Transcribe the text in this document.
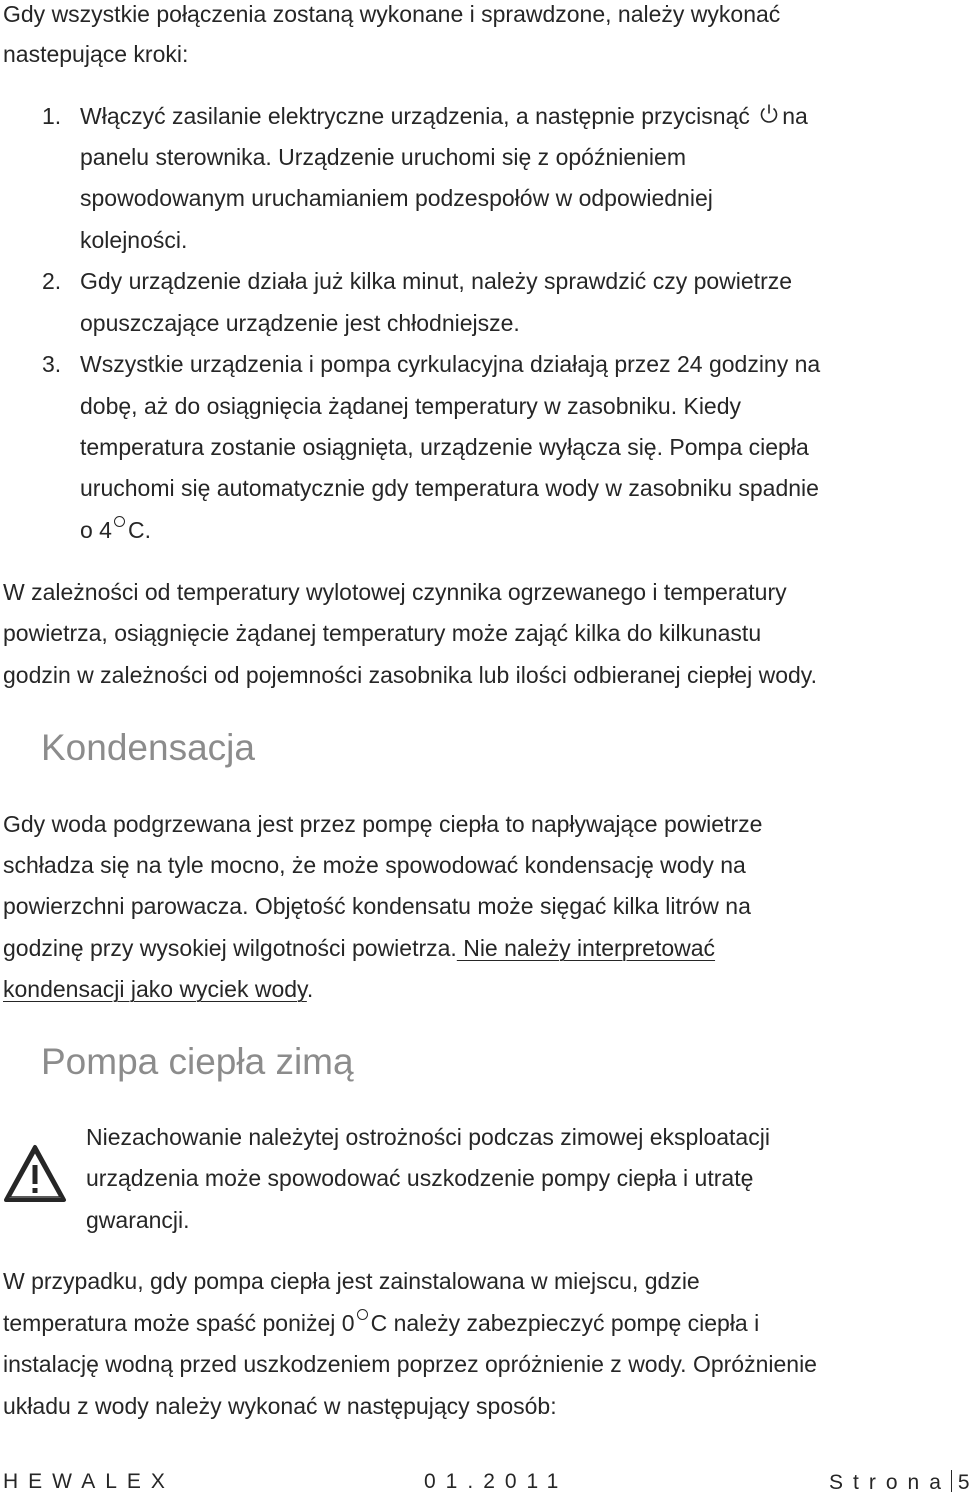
Gdy wszystkie połączenia zostaną wykonane i sprawdzone, należy wykonać
nastepujące kroki:
1. Włączyć zasilanie elektryczne urządzenia, a następnie przycisnąć na
panelu sterownika. Urządzenie uruchomi się z opóźnieniem
spowodowanym uruchamianiem podzespołów w odpowiedniej
kolejności.
2. Gdy urządzenie działa już kilka minut, należy sprawdzić czy powietrze
opuszczające urządzenie jest chłodniejsze.
3. Wszystkie urządzenia i pompa cyrkulacyjna działają przez 24 godziny na
dobę, aż do osiągnięcia żądanej temperatury w zasobniku. Kiedy
temperatura zostanie osiągnięta, urządzenie wyłącza się. Pompa ciepła
uruchomi się automatycznie gdy temperatura wody w zasobniku spadnie
o 4 C.
W zależności od temperatury wylotowej czynnika ogrzewanego i temperatury
powietrza, osiągnięcie żądanej temperatury może zająć kilka do kilkunastu
godzin w zależności od pojemności zasobnika lub ilości odbieranej ciepłej wody.
Kondensacja
Gdy woda podgrzewana jest przez pompę ciepła to napływające powietrze
schładza się na tyle mocno, że może spowodować kondensację wody na
powierzchni parowacza. Objętość kondensatu może sięgać kilka litrów na
godzinę przy wysokiej wilgotności powietrza. Nie należy interpretować
kondensacji jako wyciek wody.
Pompa ciepła zimą
Niezachowanie należytej ostrożności podczas zimowej eksploatacji
urządzenia może spowodować uszkodzenie pompy ciepła i utratę
gwarancji.
W przypadku, gdy pompa ciepła jest zainstalowana w miejscu, gdzie
temperatura może spaść poniżej 0 C należy zabezpieczyć pompę ciepła i
instalację wodną przed uszkodzeniem poprzez opróżnienie z wody. Opróżnienie
układu z wody należy wykonać w następujący sposób:
HEWALEX	01.2011	Strona 5
